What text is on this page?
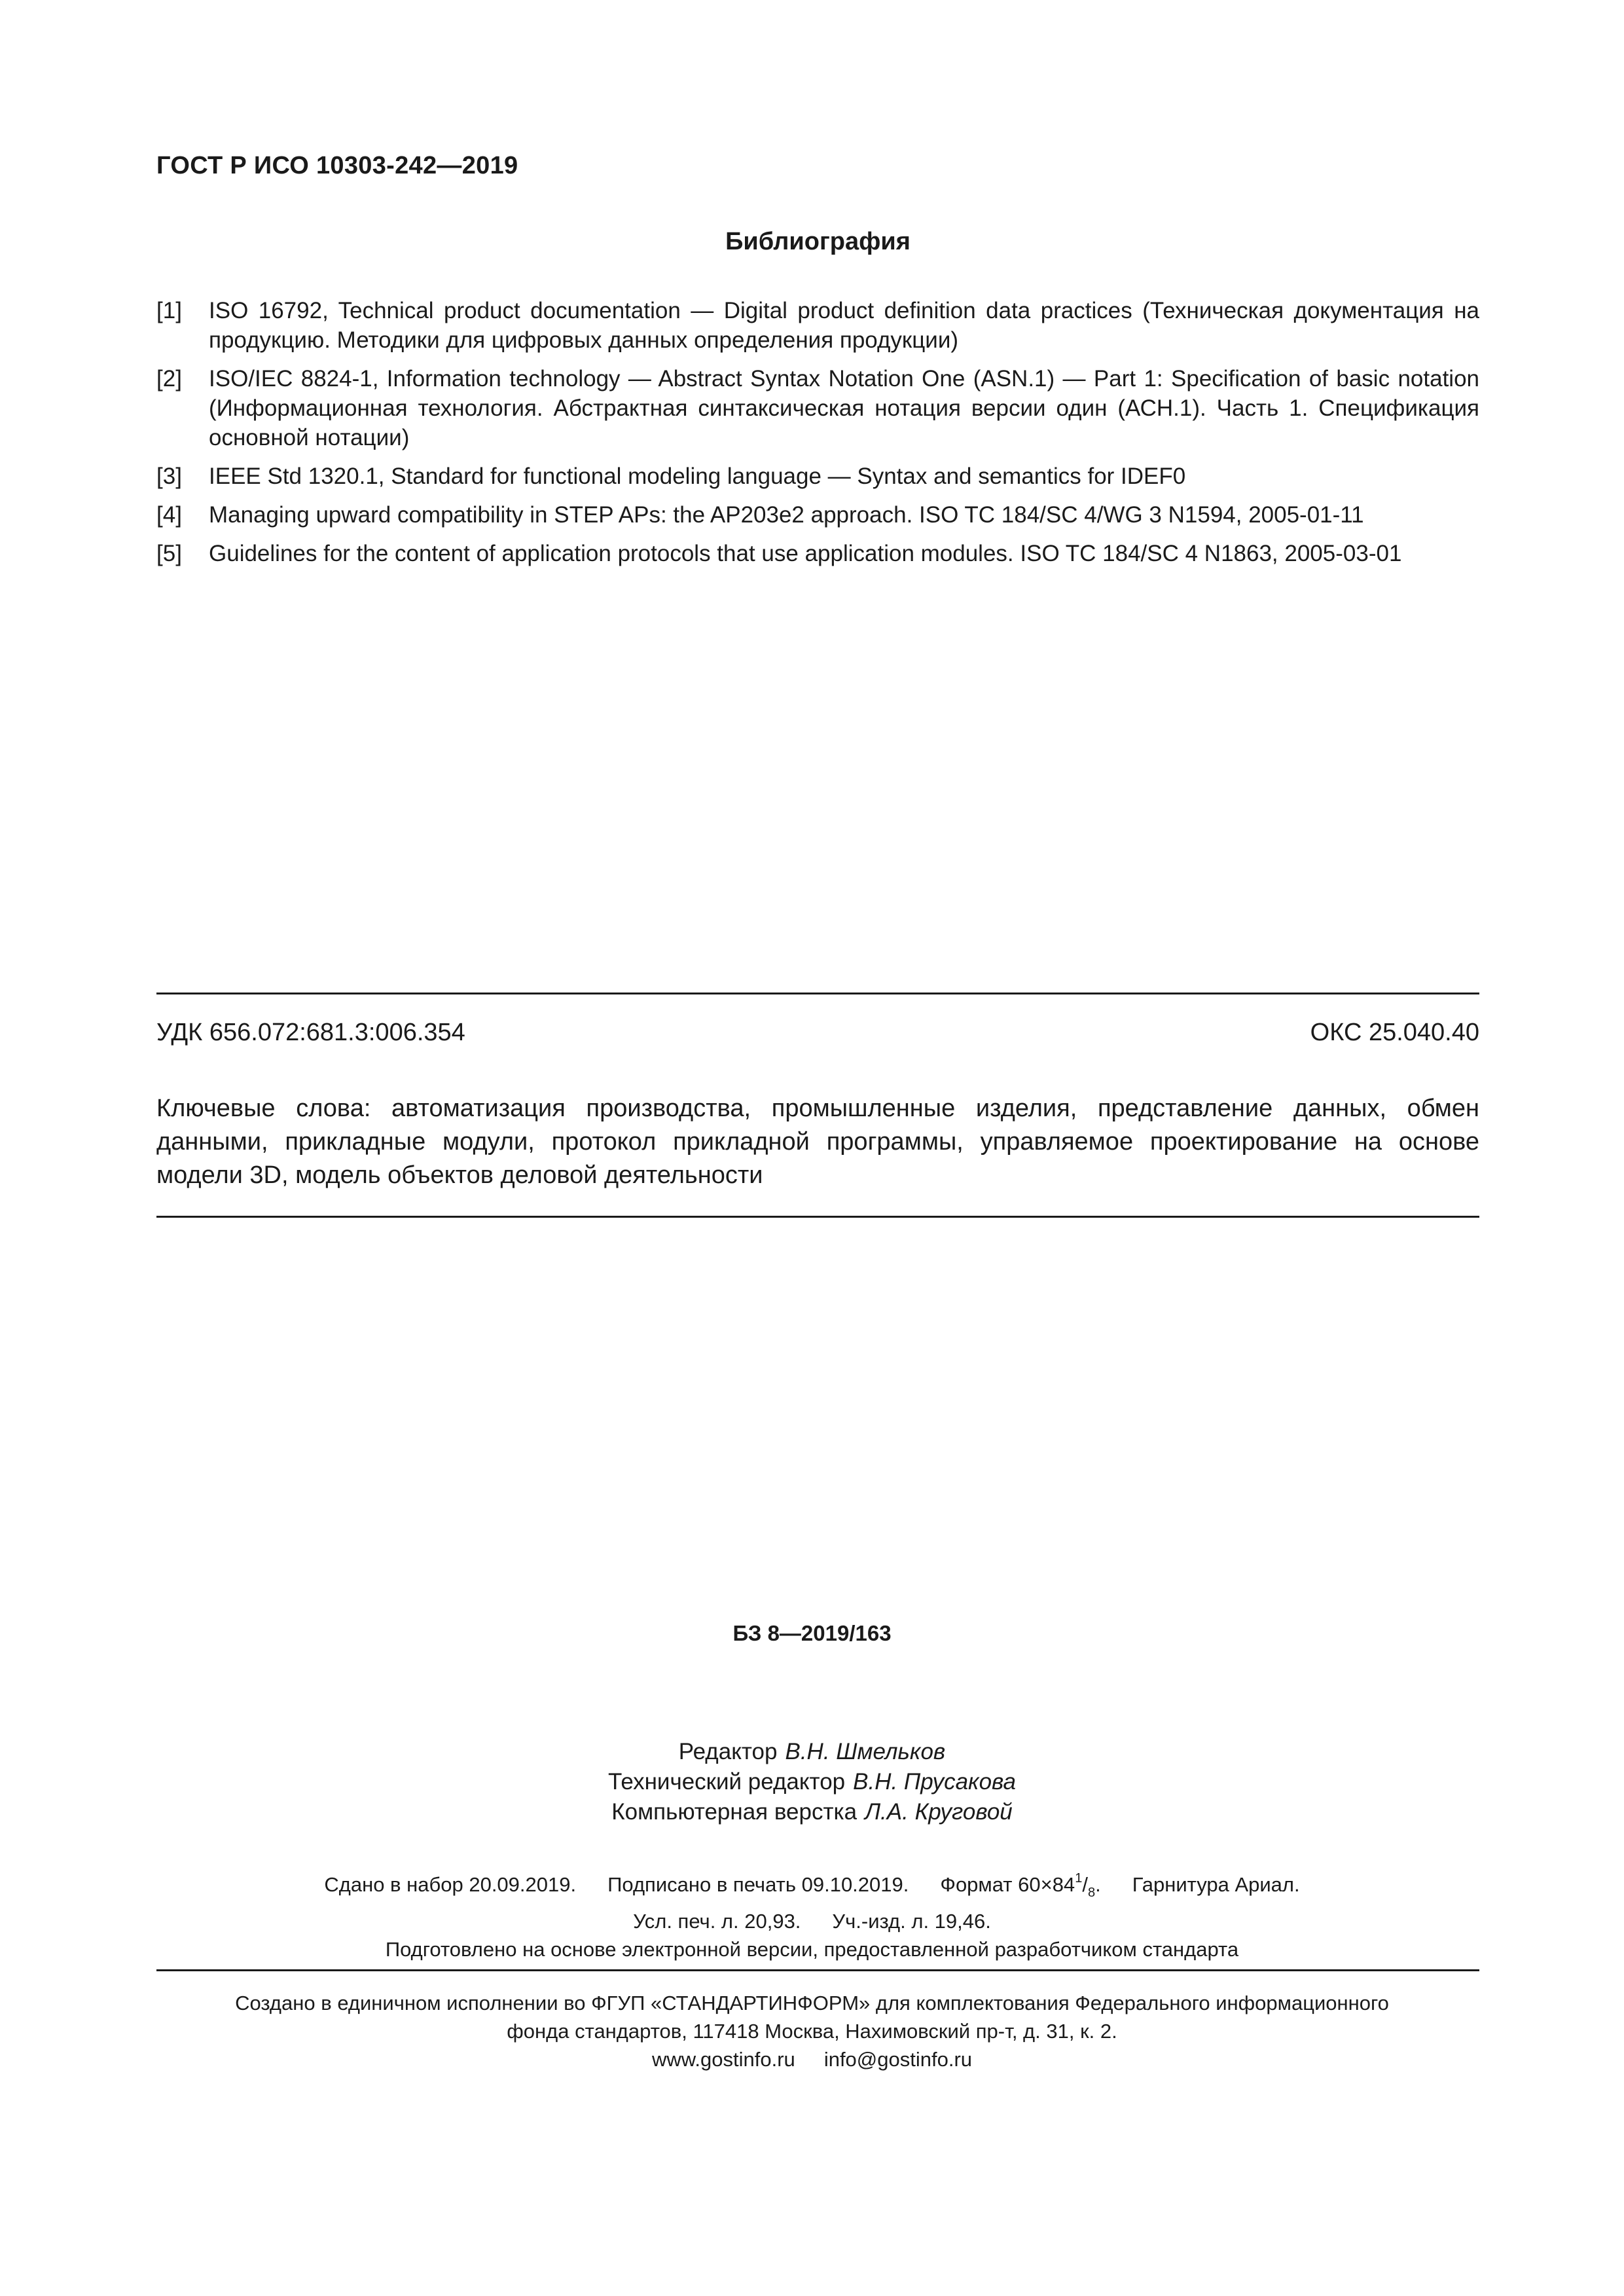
ГОСТ Р ИСО 10303-242—2019
Библиография
[1]	ISO 16792, Technical product documentation — Digital product definition data practices (Техническая документация на продукцию. Методики для цифровых данных определения продукции)
[2]	ISO/IEC 8824-1, Information technology — Abstract Syntax Notation One (ASN.1) — Part 1: Specification of basic notation (Информационная технология. Абстрактная синтаксическая нотация версии один (АСН.1). Часть 1. Спецификация основной нотации)
[3]	IEEE Std 1320.1, Standard for functional modeling language — Syntax and semantics for IDEF0
[4]	Managing upward compatibility in STEP APs: the AP203e2 approach. ISO TC 184/SC 4/WG 3 N1594, 2005-01-11
[5]	Guidelines for the content of application protocols that use application modules. ISO TC 184/SC 4 N1863, 2005-03-01
УДК 656.072:681.3:006.354	ОКС 25.040.40
Ключевые слова: автоматизация производства, промышленные изделия, представление данных, обмен данными, прикладные модули, протокол прикладной программы, управляемое проектирование на основе модели 3D, модель объектов деловой деятельности
БЗ 8—2019/163
Редактор В.Н. Шмельков
Технический редактор В.Н. Прусакова
Компьютерная верстка Л.А. Круговой
Сдано в набор 20.09.2019. Подписано в печать 09.10.2019. Формат $60\times 84^1/_8$. Гарнитура Ариал.
Усл. печ. л. 20,93. Уч.-изд. л. 19,46.
Подготовлено на основе электронной версии, предоставленной разработчиком стандарта
Создано в единичном исполнении во ФГУП «СТАНДАРТИНФОРМ» для комплектования Федерального информационного
фонда стандартов, 117418 Москва, Нахимовский пр-т, д. 31, к. 2.
www.gostinfo.ru info@gostinfo.ru
